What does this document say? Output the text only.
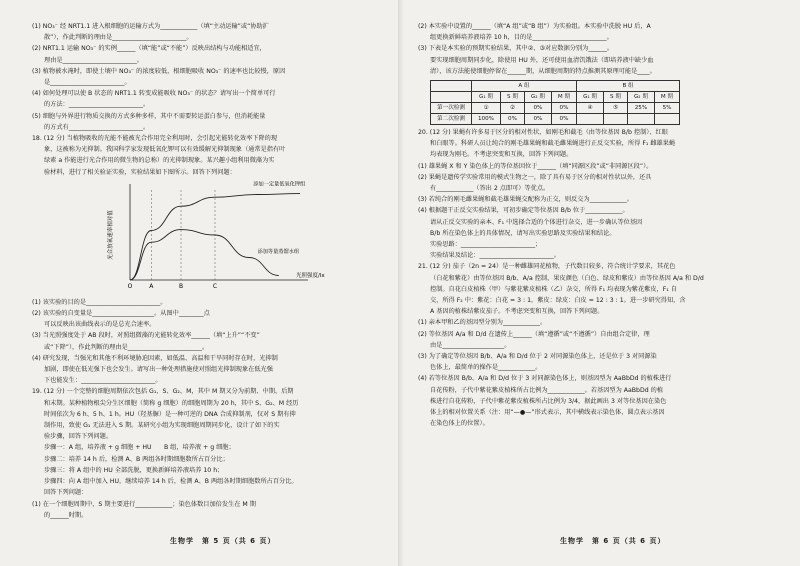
(1) NO₃⁻ 经 NRT1.1 进入根细胞的运输方式为____________（填“主动运输”或“协助扩
散”），作此判断的理由是________________________。
(2) NRT1.1 运输 NO₃⁻ 的实例______（填“能”或“不能”）反映出结构与功能相适宜，
理由是________________________。
(3) 植物被水淹时，即使土壤中 NO₃⁻ 的浓度较低，根细胞吸收 NO₃⁻ 的速率也比较慢，原因
是________________________。
(4) 如何处理可以使 B 状态的 NRT1.1 转变成能吸收 NO₃⁻ 的状态？请写出一个简单可行
的方法：________________________。
(5) 细胞与外界进行物质交换的方式多种多样，其中不需要转运蛋白参与，但消耗能量
的方式有________________________。
18. (12 分) 当植物吸收的光能不能被光合作用完全利用时，会引起光能转化效率下降的现
象，这被称为光抑制。我国科学家发现低氧化钾可以有效缓解光抑制现象（通常是指有叶
绿素 a 作能进行光合作用的微生物的总称）的光抑制现象。某兴趣小组利用微藻为实
验材料，进行了相关验证实验，实验结果如下图所示。回答下列问题：
光合放氧速率相对值
光照强度/lx
O	A	B	C
添加一定量低氧化钾组
添加等量蒸馏水组
(1) 该实验的目的是________________________。
(2) 该实验的自变量是____________________。从图中________点
可以反映出该曲线表示的是总光合速率。
(3) 当光照强度处于 AB 段时，对照组微藻的光能转化效率______（填“上升”“不变”
或“下降”），作此判断的理由是________________________。
(4) 研究发现，当强光和其他不利环境胁迫因素，如低温、高温和干旱同时存在时，光抑制
加剧，即使在低光强下也会发生。请写出一种处理措施使对照组光抑制现象在低光强
下也能发生：________________________。
19. (12 分) 一个完整的细胞周期依次包括 G₁、S、G₂、M，其中 M 期又分为前期、中期、后期
和末期。某种植物根尖分生区细胞（简称 g 细胞）的细胞周期为 20 h，其中 S、G₂、M 经历
时间依次为 6 h、5 h、1 h。HU（羟基脲）是一种可逆的 DNA 合成抑制剂，仅对 S 期有抑
制作用，致使 G₁ 无法进入 S 期。某研究小组为实现细胞周期同步化，设计了如下的实
验步骤，回答下列问题。
步骤一：A 组，培养液 + g 细胞 + HU　　B 组，培养液 + g 细胞；
步骤二：培养 14 h 后，检测 A、B 两组各时期细胞数所占百分比；
步骤三：将 A 组中的 HU 全部洗脱，更换新鲜培养液培养 10 h；
步骤四：向 A 组中加入 HU，继续培养 14 h 后，检测 A、B 两组各时期细胞数所占百分比。
回答下列问题：
(1) 在一个细胞周期中，S 期主要进行____________；染色体数目加倍发生在 M 期
的______时期。
(2) 本实验中设置的______（填“A 组”或“B 组”）为实验组。本实验中洗脱 HU 后，A
组更换新鲜培养液培养 10 h，目的是________________________。
(3) 下表是本实验的预期实验结果，其中②、③对应数据分别为______。
要实现细胞周期同步化，除使用 HU 外，还可使用血清饥饿法（即培养液中缺少血
清），该方法能使细胞停留在______期，从细胞周期的特点推测其原理可能是____。
	A 组				B 组			
	G₁ 期	S 期	G₂ 期	M 期	G₁ 期	S 期	G₂ 期	M 期
第一次检测	①	②	0%	0%	④	⑤	25%	5%
第二次检测	100%	0%	0%	0%				
20. (12 分) 果蝇有许多易于区分的相对性状，如刚毛和截毛（由等位基因 B/b 控制）、红眼
和白眼等。科研人员让纯合的刚毛雄果蝇和截毛雌果蝇进行正反交实验，所得 F₁ 雌雄果蝇
均表现为刚毛。不考虑突变和互换，回答下列问题。
(1) 雄果蝇 X 和 Y 染色体上的等位基因位于______（填“同源区段”或“非同源区段”）。
(2) 果蝇是遗传学实验常用的模式生物之一，除了具有易于区分的相对性状以外，还具
有____________（答出 2 点即可）等优点。
(3) 若纯合的刚毛雌果蝇和截毛雄果蝇交配称为正交，则反交为____________。
(4) 根据题干正反交实验结果，可初步确定等位基因 B/b 位于____________。
请从正反交实验的亲本、F₁ 中选择合适的个体进行杂交，进一步确认等位基因
B/b 所在染色体上的具体情况，请写出实验思路及实验结果和结论。
实验思路：________________________；
实验结果及结论：________________________。
21. (12 分) 茄子（2n = 24）是一种雌雄同花植物，子代数目较多，符合统计学要求，其花色
（白花和紫花）由等位基因 B/b、A/a 控制，果皮颜色（白色、绿皮和紫皮）由等位基因 A/a 和 D/d
控制。自花白皮植株（甲）与紫花紫皮植株（乙）杂交，所得 F₁ 均表现为紫花紫皮，F₁ 自
交，所得 F₂ 中：紫花：白花 = 3 : 1，紫皮：绿皮：白皮 = 12 : 3 : 1。进一步研究得知，含
A 基因的植株结紫皮茄子。不考虑突变和互换，回答下列问题。
(1) 亲本甲和乙的基因型分别为____________。
(2) 等位基因 A/a 和 D/d 在遗传上______（填“遵循”或“不遵循”）自由组合定律，理
由是____________________。
(3) 为了确定等位基因 B/b、A/a 和 D/d 位于 2 对同源染色体上，还是位于 3 对同源染
色体上，最简单的操作是____________。
(4) 若等位基因 B/b、A/a 和 D/d 位于 3 对同源染色体上，则基因型为 AaBbDd 的植株进行
自花传粉，子代中紫花紫皮植株所占比例为____________。若基因型为 AaBbDd 的植
株进行自花传粉，子代中紫花紫皮植株所占比例为 3/4，据此画出 3 对等位基因在染色
体上的相对位置关系（注：用“—●—”形式表示，其中横线表示染色体，圆点表示基因
在染色体上的位置）。
生物学　第 5 页（共 6 页）	生物学　第 6 页（共 6 页）
